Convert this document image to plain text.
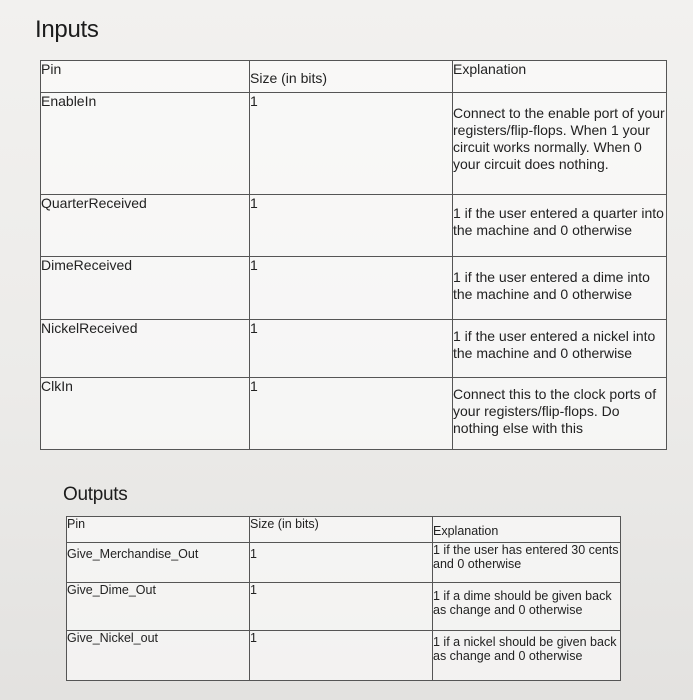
Inputs
Pin	Size (in bits)	Explanation
EnableIn	1	Connect to the enable port of your registers/flip-flops. When 1 your circuit works normally. When 0 your circuit does nothing.
QuarterReceived	1	1 if the user entered a quarter into the machine and 0 otherwise
DimeReceived	1	1 if the user entered a dime into the machine and 0 otherwise
NickelReceived	1	1 if the user entered a nickel into the machine and 0 otherwise
ClkIn	1	Connect this to the clock ports of your registers/flip-flops. Do nothing else with this
Outputs
Pin	Size (in bits)	Explanation
Give_Merchandise_Out	1	1 if the user has entered 30 cents and 0 otherwise
Give_Dime_Out	1	1 if a dime should be given back as change and 0 otherwise
Give_Nickel_out	1	1 if a nickel should be given back as change and 0 otherwise
